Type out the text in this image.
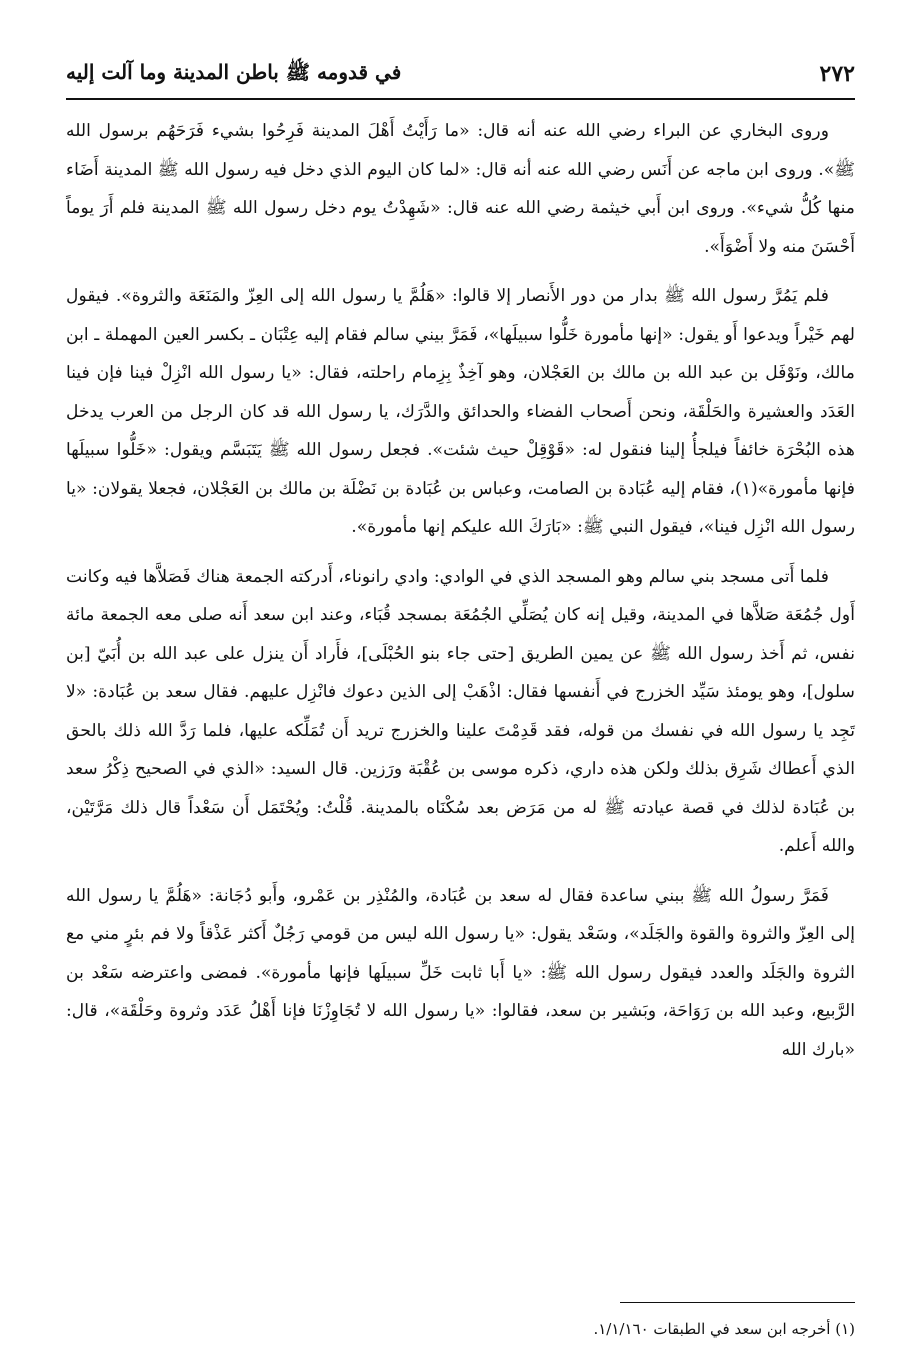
٢٧٢
في قدومه ﷺ باطن المدينة وما آلت إليه

وروى البخاري عن البراء رضي الله عنه أنه قال: «ما رَأَيْتُ أَهْلَ المدينة فَرِحُوا بشيء فَرَحَهُم برسول الله ﷺ». وروى ابن ماجه عن أَنَس رضي الله عنه أنه قال: «لما كان اليوم الذي دخل فيه رسول الله ﷺ المدينة أَضَاء منها كُلُّ شيء». وروى ابن أَبي خيثمة رضي الله عنه قال: «شَهِدْتُ يوم دخل رسول الله ﷺ المدينة فلم أَرَ يوماً أَحْسَنَ منه ولا أَضْوَأَ».

فلم يَمُرَّ رسول الله ﷺ بدار من دور الأَنصار إلا قالوا: «هَلُمَّ يا رسول الله إلى العِزّ والمَنَعَة والثروة». فيقول لهم خَيْراً ويدعوا أَو يقول: «إنها مأمورة خَلُّوا سبيلَها»، فَمَرَّ بيني سالم فقام إليه عِتْبَان ـ بكسر العين المهملة ـ ابن مالك، ونَوْفَل بن عبد الله بن مالك بن العَجْلان، وهو آخِذٌ بِزِمام راحلته، فقال: «يا رسول الله انْزِلْ فينا فإن فينا العَدَد والعشيرة والحَلْقَة، ونحن أَصحاب الفضاء والحدائق والدَّرَك، يا رسول الله قد كان الرجل من العرب يدخل هذه البُحْرَة خائفاً فيلجأُ إلينا فنقول له: «قَوْقِلْ حيث شئت». فجعل رسول الله ﷺ يَتَبَسَّم ويقول: «خَلُّوا سبيلَها فإنها مأمورة»(١)، فقام إليه عُبَادة بن الصامت، وعباس بن عُبَادة بن نَضْلَة بن مالك بن العَجْلان، فجعلا يقولان: «يا رسول الله انْزِل فينا»، فيقول النبي ﷺ: «بَارَكَ الله عليكم إنها مأمورة».

فلما أَتى مسجد بني سالم وهو المسجد الذي في الوادي: وادي رانوناء، أَدركته الجمعة هناك فَصَلاَّها فيه وكانت أَول جُمُعَة صَلاَّها في المدينة، وقيل إنه كان يُصَلِّي الجُمُعَة بمسجد قُبَاء، وعند ابن سعد أَنه صلى معه الجمعة مائة نفس، ثم أَخذ رسول الله ﷺ عن يمين الطريق [حتى جاء بنو الحُبْلَى]، فأَراد أَن ينزل على عبد الله بن أُبَيّ [بن سلول]، وهو يومئذ سَيِّد الخزرج في أَنفسها فقال: اذْهَبْ إلى الذين دعوك فانْزِل عليهم. فقال سعد بن عُبَادة: «لا تَجِد يا رسول الله في نفسك من قوله، فقد قَدِمْتَ علينا والخزرج تريد أَن تُمَلِّكه عليها، فلما رَدَّ الله ذلك بالحق الذي أَعطاك شَرِق بذلك ولكن هذه داري، ذكره موسى بن عُقْبَة ورَزين. قال السيد: «الذي في الصحيح ذِكْرُ سعد بن عُبَادة لذلك في قصة عيادته ﷺ له من مَرَض بعد سُكْنَاه بالمدينة. قُلْتُ: ويُحْتَمَل أَن سَعْداً قال ذلك مَرَّتَيْن، والله أَعلم.

فَمَرَّ رسولُ الله ﷺ ببني ساعدة فقال له سعد بن عُبَادة، والمُنْذِر بن عَمْرو، وأَبو دُجَانة: «هَلُمَّ يا رسول الله إلى العِزّ والثروة والقوة والجَلَد»، وسَعْد يقول: «يا رسول الله ليس من قومي رَجُلٌ أَكثر عَذْقاً ولا فم بئرٍ مني مع الثروة والجَلَد والعدد فيقول رسول الله ﷺ: «يا أَبا ثابت خَلِّ سبيلَها فإنها مأمورة». فمضى واعترضه سَعْد بن الرَّبيع، وعبد الله بن رَوَاحَة، وبَشير بن سعد، فقالوا: «يا رسول الله لا تُجَاوِزْنَا فإنا أَهْلُ عَدَد وثروة وحَلْقَة»، قال: «بارك الله

(١) أخرجه ابن سعد في الطبقات ١/١/١٦٠.
